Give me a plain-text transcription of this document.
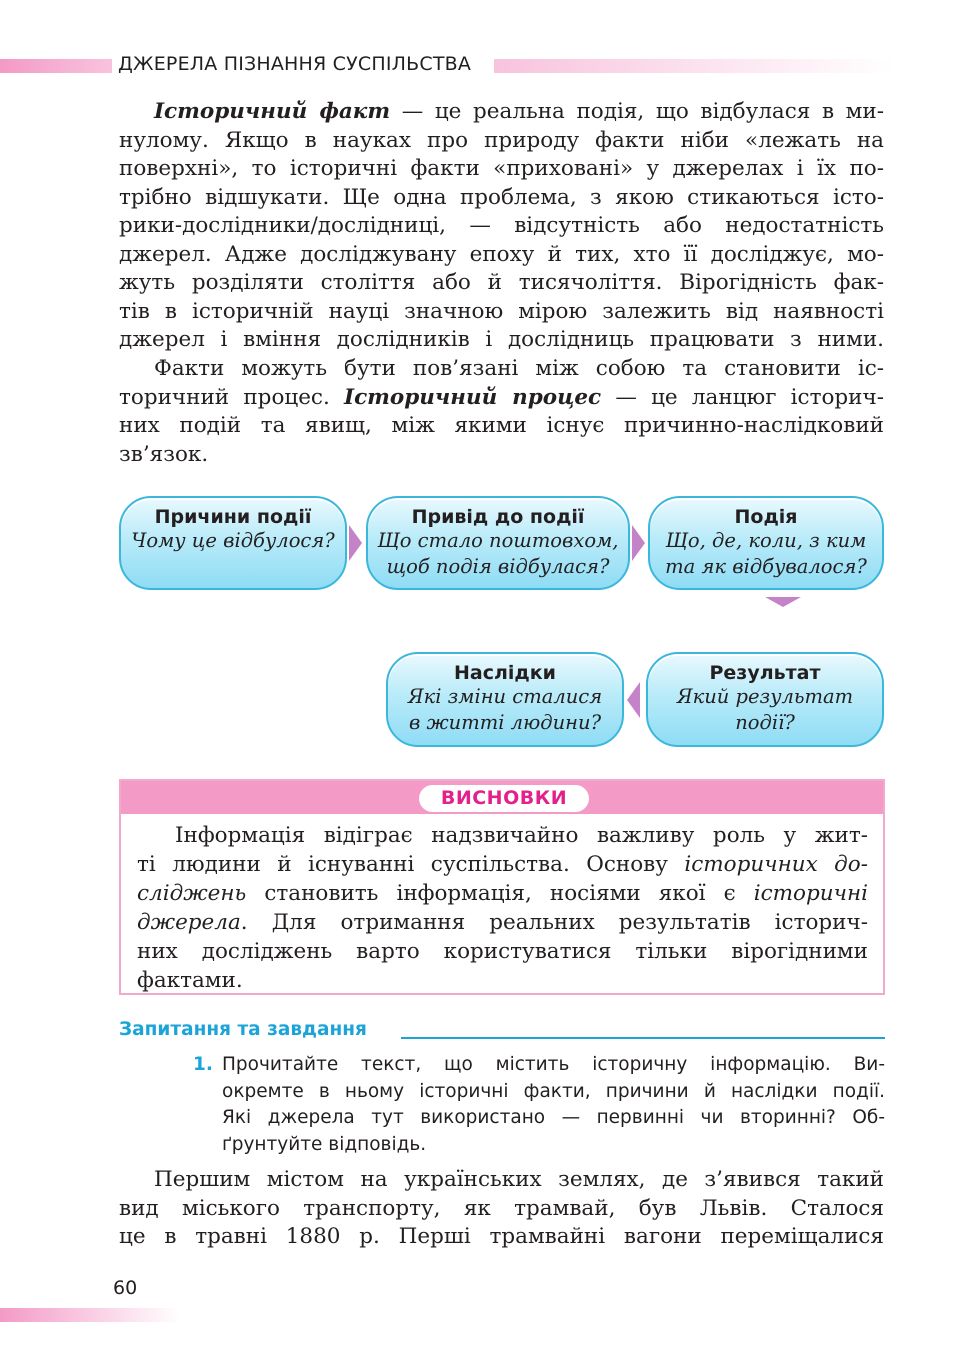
ДЖЕРЕЛА ПІЗНАННЯ СУСПІЛЬСТВА
Історичний факт — це реальна подія, що відбулася в ми-
нулому. Якщо в науках про природу факти ніби «лежать на
поверхні», то історичні факти «приховані» у джерелах і їх по-
трібно відшукати. Ще одна проблема, з якою стикаються істо-
рики-дослідники/дослідниці, — відсутність або недостатність
джерел. Адже досліджувану епоху й тих, хто її досліджує, мо-
жуть розділяти століття або й тисячоліття. Вірогідність фак-
тів в історичній науці значною мірою залежить від наявності
джерел і вміння дослідників і дослідниць працювати з ними.
Факти можуть бути пов’язані між собою та становити іс-
торичний процес. Історичний процес — це ланцюг історич-
них подій та явищ, між якими існує причинно-наслідковий
зв’язок.
Причини події
Чому це відбулося?
Привід до події
Що стало поштовхом,
щоб подія відбулася?
Подія
Що, де, коли, з ким
та як відбувалося?
Наслідки
Які зміни сталися
в житті людини?
Результат
Який результат
події?
ВИСНОВКИ
Інформація відіграє надзвичайно важливу роль у жит-
ті людини й існуванні суспільства. Основу історичних до-
сліджень становить інформація, носіями якої є історичні
джерела. Для отримання реальних результатів історич-
них досліджень варто користуватися тільки вірогідними
фактами.
Запитання та завдання
1. Прочитайте текст, що містить історичну інформацію. Ви-
окремте в ньому історичні факти, причини й наслідки події.
Які джерела тут використано — первинні чи вторинні? Об-
ґрунтуйте відповідь.
Першим містом на українських землях, де з’явився такий
вид міського транспорту, як трамвай, був Львів. Сталося
це в травні 1880 р. Перші трамвайні вагони переміщалися
60
